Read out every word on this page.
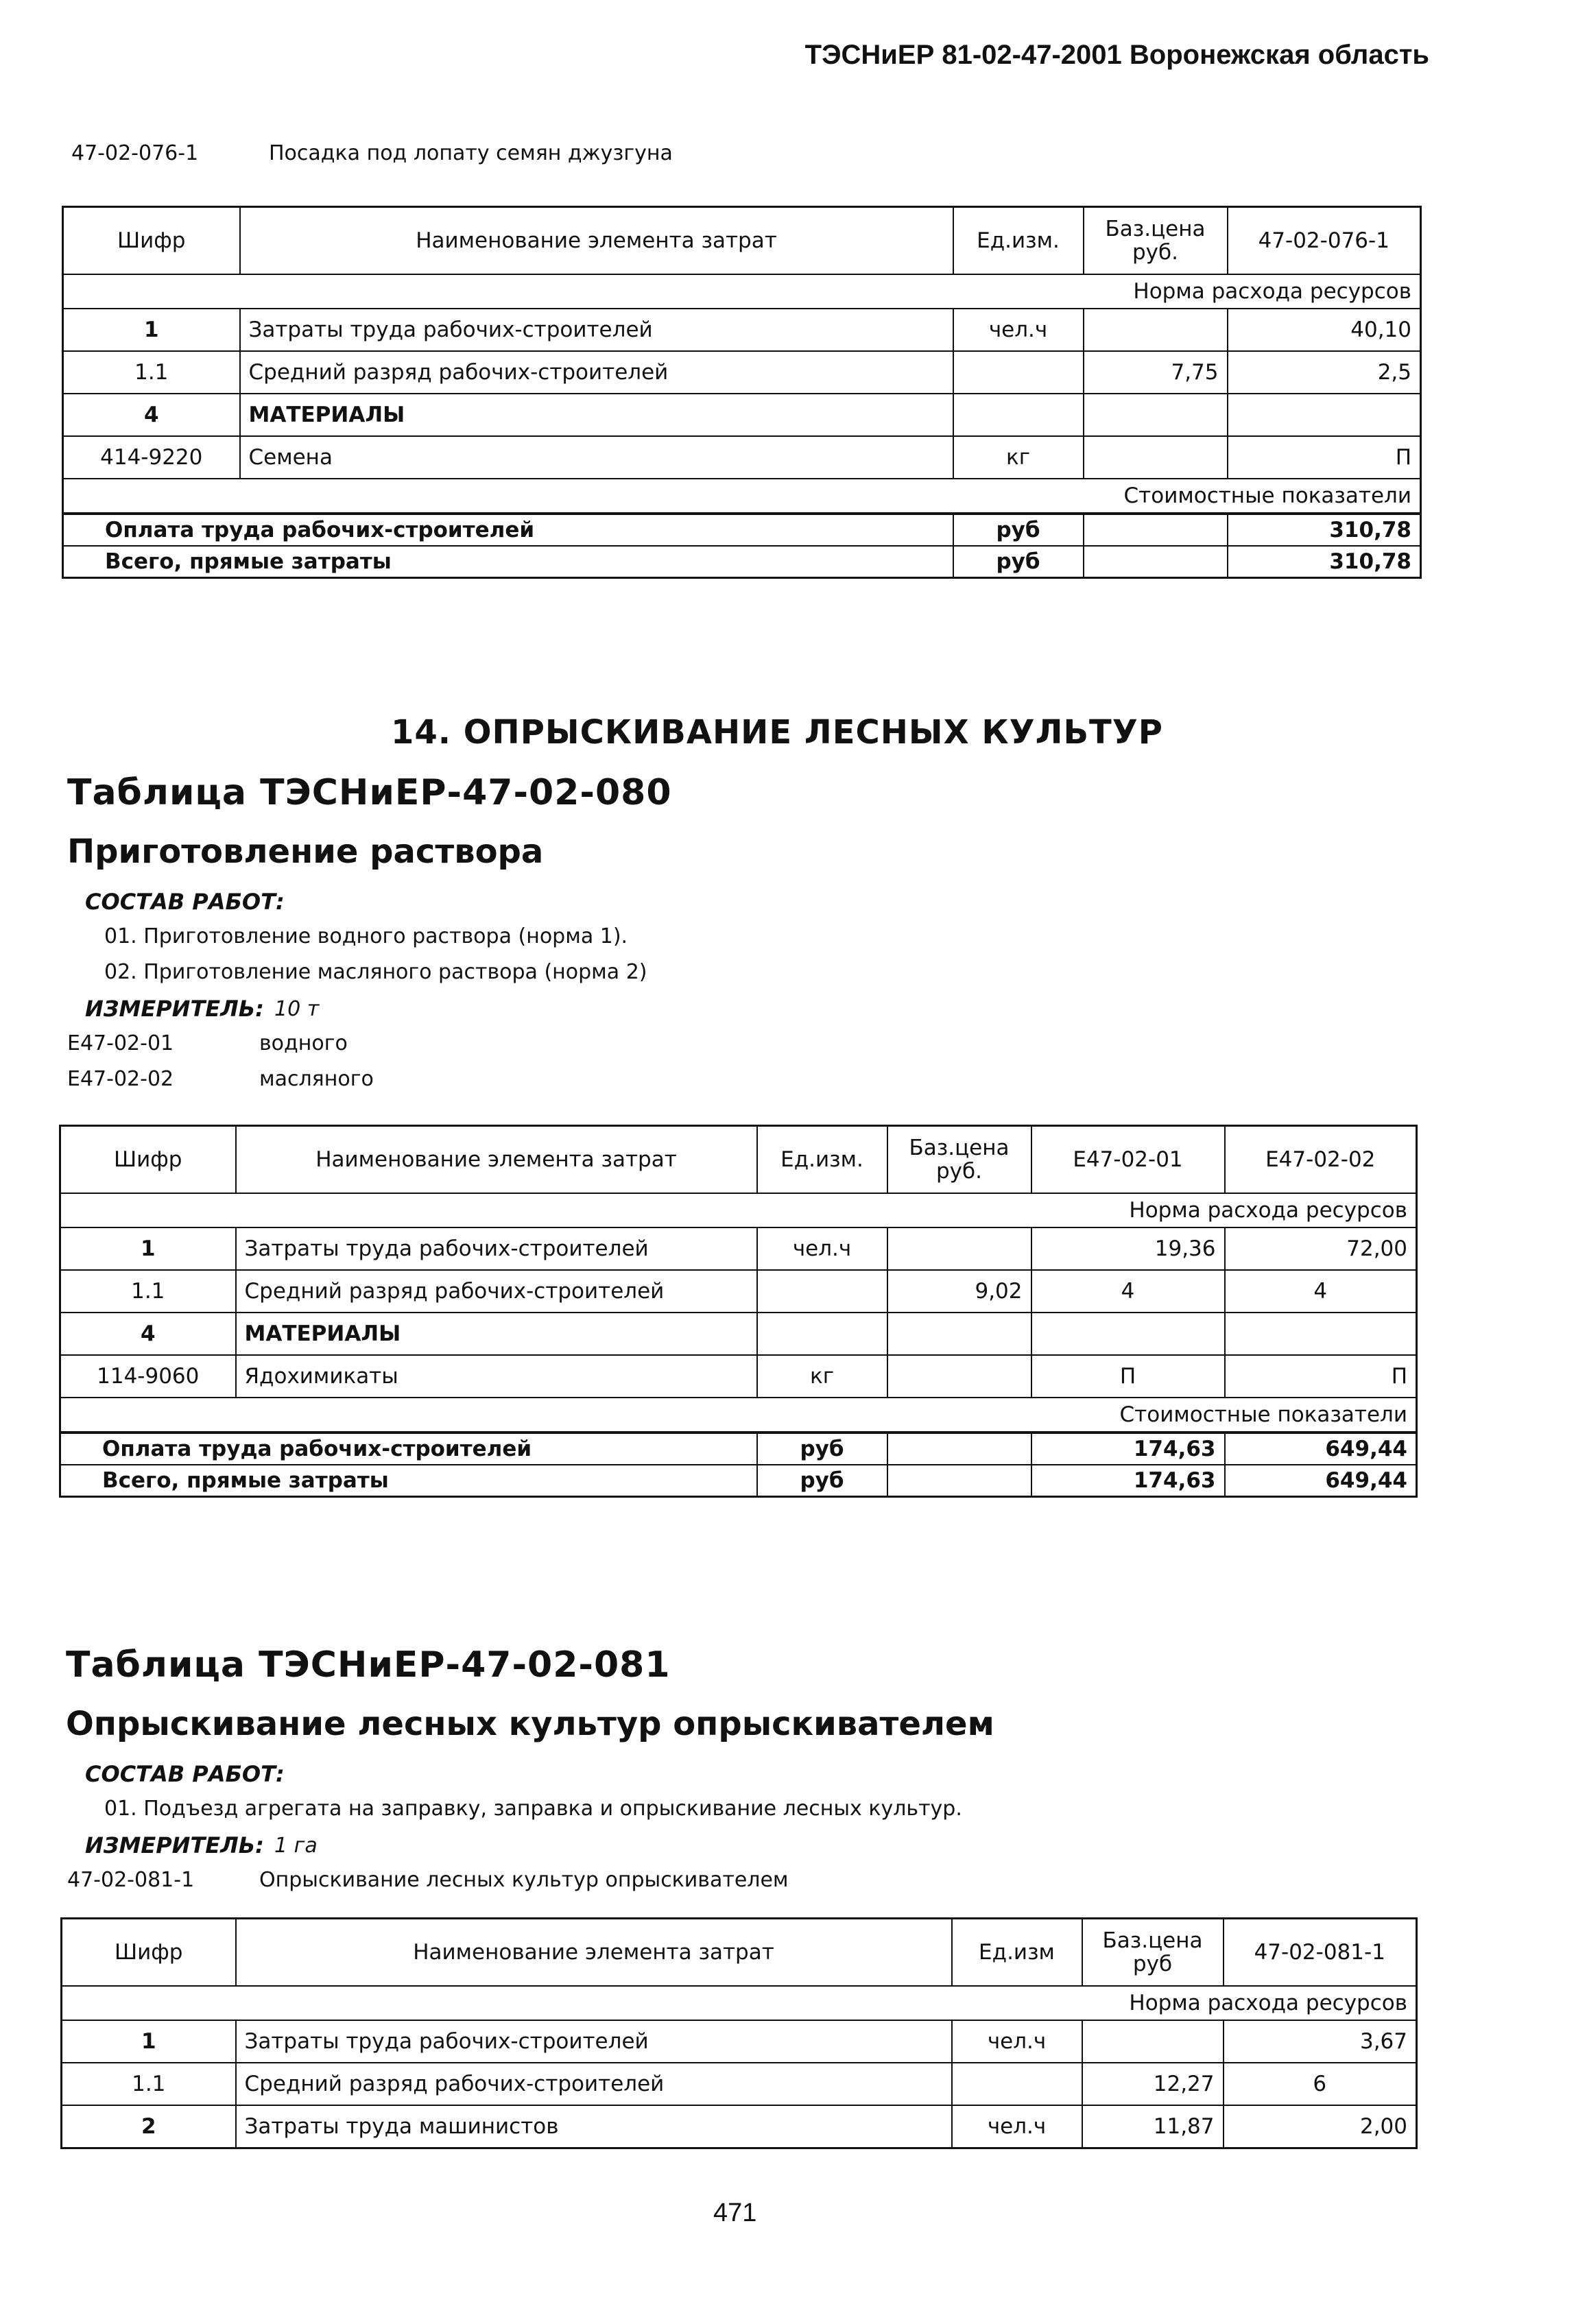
ТЭСНиЕР 81-02-47-2001 Воронежская область
47-02-076-1	Посадка под лопату семян джузгуна
Шифр	Наименование элемента затрат	Ед.изм.	Баз.цена руб.	47-02-076-1
Норма расхода ресурсов				
1	Затраты труда рабочих-строителей	чел.ч		40,10
1.1	Средний разряд рабочих-строителей		7,75	2,5
4	МАТЕРИАЛЫ			
414-9220	Семена	кг		П
Стоимостные показатели				
Оплата труда рабочих-строителей		руб		310,78
Всего, прямые затраты		руб		310,78
14. ОПРЫСКИВАНИЕ ЛЕСНЫХ КУЛЬТУР
Таблица ТЭСНиЕР-47-02-080
Приготовление раствора
СОСТАВ РАБОТ:
01. Приготовление водного раствора (норма 1).
02. Приготовление масляного раствора (норма 2)
ИЗМЕРИТЕЛЬ: 10 т
Е47-02-01	водного
Е47-02-02	масляного
Шифр	Наименование элемента затрат	Ед.изм.	Баз.цена руб.	Е47-02-01	Е47-02-02
Норма расхода ресурсов					
1	Затраты труда рабочих-строителей	чел.ч		19,36	72,00
1.1	Средний разряд рабочих-строителей		9,02	4	4
4	МАТЕРИАЛЫ				
114-9060	Ядохимикаты	кг		П	П
Стоимостные показатели					
Оплата труда рабочих-строителей		руб		174,63	649,44
Всего, прямые затраты		руб		174,63	649,44
Таблица ТЭСНиЕР-47-02-081
Опрыскивание лесных культур опрыскивателем
СОСТАВ РАБОТ:
01. Подъезд агрегата на заправку, заправка и опрыскивание лесных культур.
ИЗМЕРИТЕЛЬ: 1 га
47-02-081-1	Опрыскивание лесных культур опрыскивателем
Шифр	Наименование элемента затрат	Ед.изм	Баз.цена руб	47-02-081-1
Норма расхода ресурсов				
1	Затраты труда рабочих-строителей	чел.ч		3,67
1.1	Средний разряд рабочих-строителей		12,27	6
2	Затраты труда машинистов	чел.ч	11,87	2,00
471
